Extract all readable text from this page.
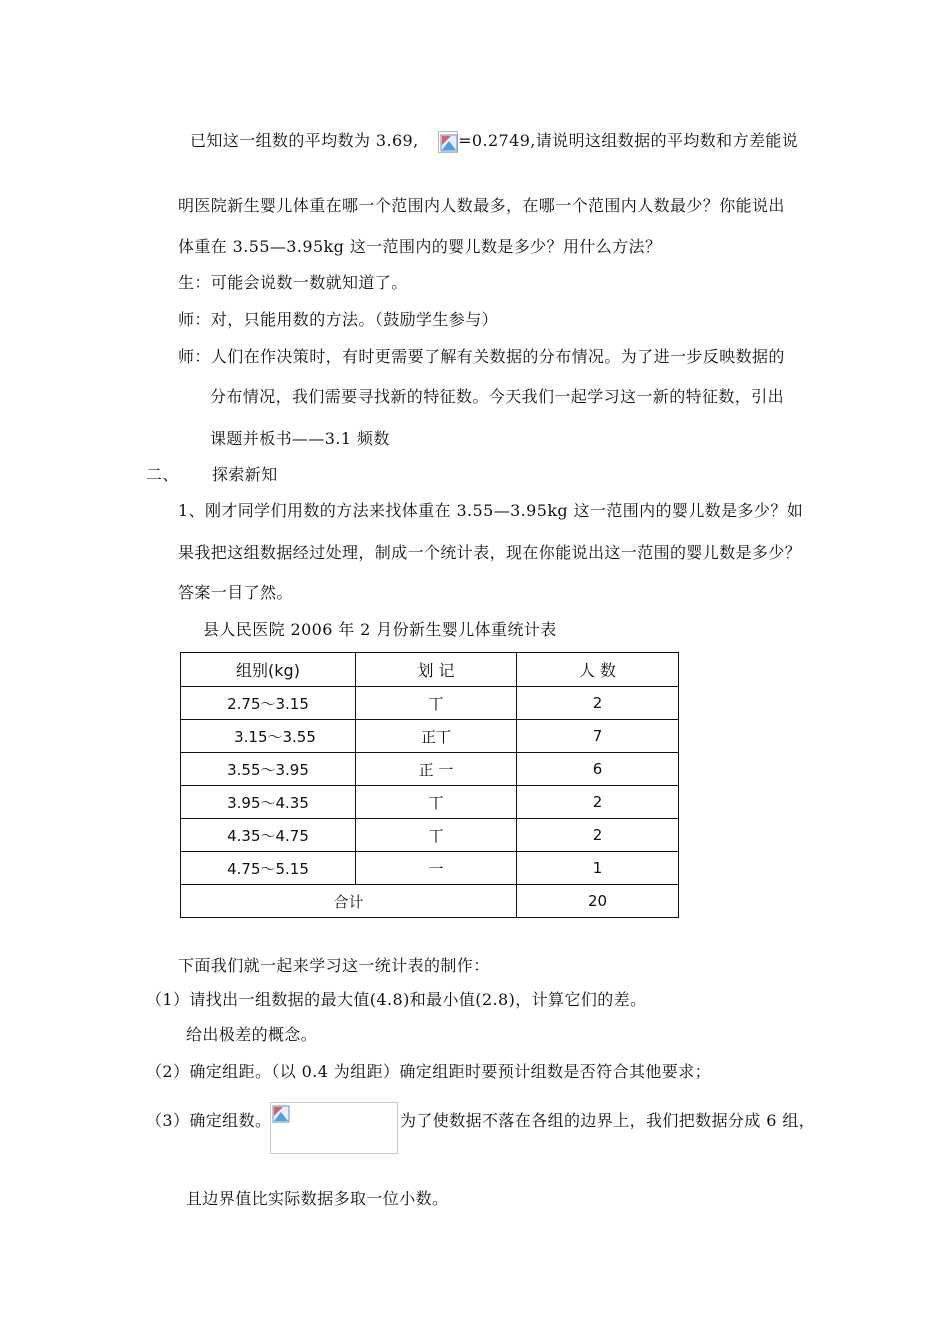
已知这一组数的平均数为 3.69, =0.2749,请说明这组数据的平均数和方差能说
明医院新生婴儿体重在哪一个范围内人数最多，在哪一个范围内人数最少？你能说出
体重在 3.55—3.95kg 这一范围内的婴儿数是多少？用什么方法？
生：可能会说数一数就知道了。
师：对，只能用数的方法。（鼓励学生参与）
师：人们在作决策时，有时更需要了解有关数据的分布情况。为了进一步反映数据的
分布情况，我们需要寻找新的特征数。今天我们一起学习这一新的特征数，引出
课题并板书——3.1 频数
二、 探索新知
1、刚才同学们用数的方法来找体重在 3.55—3.95kg 这一范围内的婴儿数是多少？如
果我把这组数据经过处理，制成一个统计表，现在你能说出这一范围的婴儿数是多少？
答案一目了然。
县人民医院 2006 年 2 月份新生婴儿体重统计表
组别(kg)	划 记	人 数
2.75～3.15	丅	2
3.15～3.55	正丅	7
3.55～3.95	正 一	6
3.95～4.35	丅	2
4.35～4.75	丅	2
4.75～5.15	一	1
合计		20
下面我们就一起来学习这一统计表的制作：
（1）请找出一组数据的最大值(4.8)和最小值(2.8)，计算它们的差。
给出极差的概念。
（2）确定组距。（以 0.4 为组距）确定组距时要预计组数是否符合其他要求；
（3）确定组数。	为了使数据不落在各组的边界上，我们把数据分成 6 组，
且边界值比实际数据多取一位小数。
